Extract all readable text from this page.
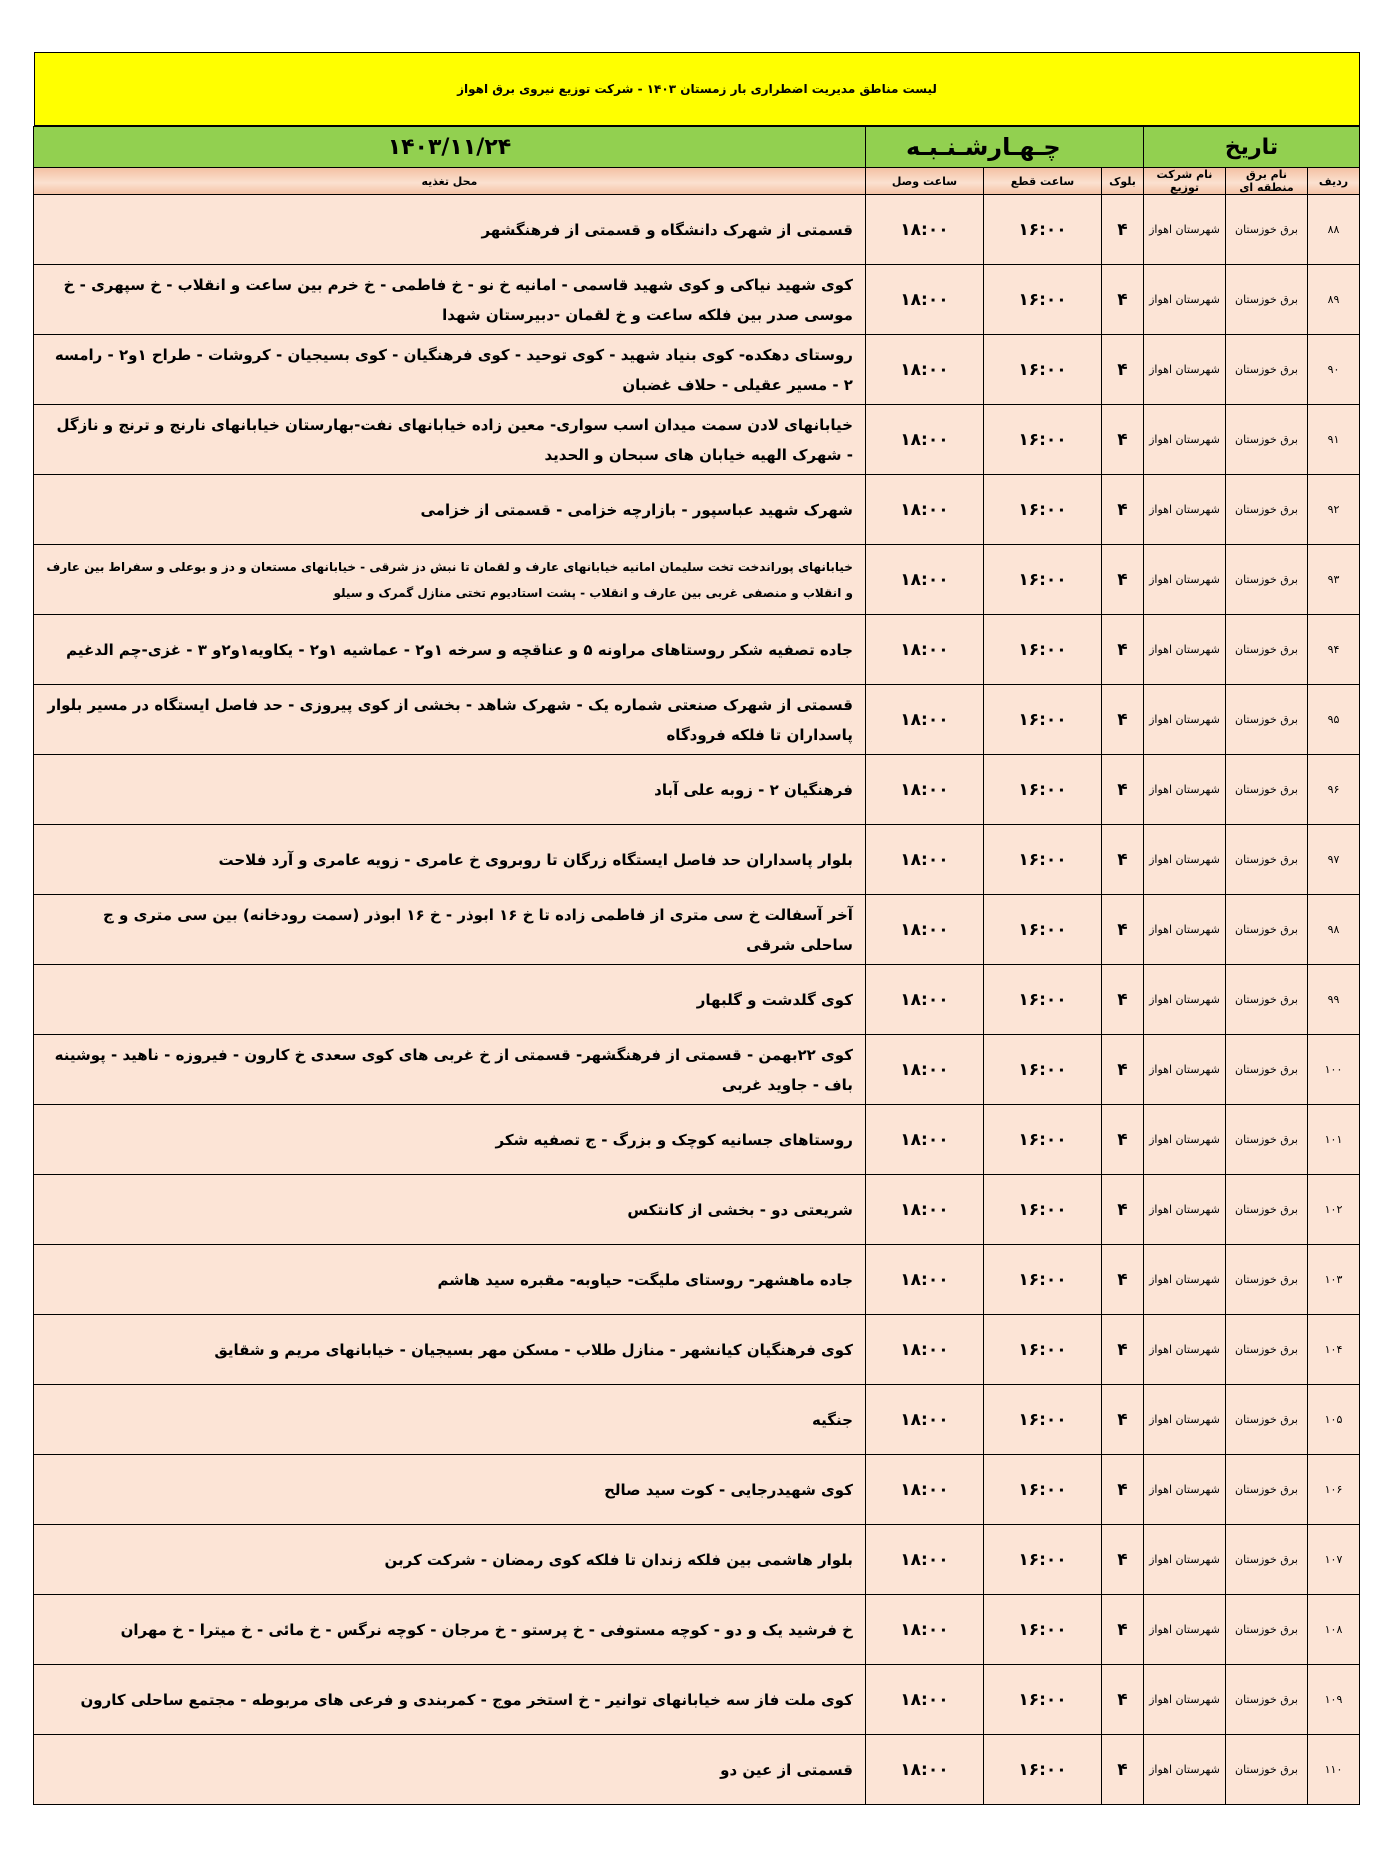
لیست مناطق مدیریت اضطراری بار زمستان ۱۴۰۳ - شرکت توزیع نیروی برق اهواز
تاریخ			چـهـارشـنـبـه			۱۴۰۳/۱۱/۲۴
ردیف	نام برق منطقه ای	نام شرکت توزیع	بلوک	ساعت قطع	ساعت وصل	محل تغذیه
۸۸	برق خوزستان	شهرستان اهواز	۴	۱۶:۰۰	۱۸:۰۰	قسمتی از شهرک دانشگاه و قسمتی از فرهنگشهر
۸۹	برق خوزستان	شهرستان اهواز	۴	۱۶:۰۰	۱۸:۰۰	کوی شهید نیاکی و کوی شهید قاسمی - امانیه خ نو - خ فاطمی - خ خرم بین ساعت و انقلاب - خ سپهری - خ موسی صدر بین فلکه ساعت و خ لقمان -دبیرستان شهدا
۹۰	برق خوزستان	شهرستان اهواز	۴	۱۶:۰۰	۱۸:۰۰	روستای دهکده- کوی بنیاد شهید - کوی توحید - کوی فرهنگیان - کوی بسیجیان - کروشات - طراح ۱و۲ - رامسه ۲ - مسیر عقیلی - حلاف غضبان
۹۱	برق خوزستان	شهرستان اهواز	۴	۱۶:۰۰	۱۸:۰۰	خیابانهای لادن سمت میدان اسب سواری- معین زاده خیابانهای نفت-بهارستان خیابانهای نارنج و ترنج و نازگل - شهرک الهیه خیابان های سبحان و الحدید
۹۲	برق خوزستان	شهرستان اهواز	۴	۱۶:۰۰	۱۸:۰۰	شهرک شهید عباسپور - بازارچه خزامی - قسمتی از خزامی
۹۳	برق خوزستان	شهرستان اهواز	۴	۱۶:۰۰	۱۸:۰۰	خیابانهای پوراندخت تخت سلیمان امانیه خیابانهای عارف و لقمان تا نبش دز شرقی - خیابانهای مستعان و دز و بوعلی و سفراط بین عارف و انقلاب و منصفی غربی بین عارف و انقلاب - پشت استادیوم تختی منازل گمرک و سیلو
۹۴	برق خوزستان	شهرستان اهواز	۴	۱۶:۰۰	۱۸:۰۰	جاده تصفیه شکر روستاهای مراونه ۵ و عناقچه و سرخه ۱و۲ - عماشیه ۱و۲ - یکاویه۱و۲و ۳ - غزی-چم الدغیم
۹۵	برق خوزستان	شهرستان اهواز	۴	۱۶:۰۰	۱۸:۰۰	قسمتی از شهرک صنعتی شماره یک - شهرک شاهد - بخشی از کوی پیروزی - حد فاصل ایستگاه در مسیر بلوار پاسداران تا فلکه فرودگاه
۹۶	برق خوزستان	شهرستان اهواز	۴	۱۶:۰۰	۱۸:۰۰	فرهنگیان ۲ - زوبه علی آباد
۹۷	برق خوزستان	شهرستان اهواز	۴	۱۶:۰۰	۱۸:۰۰	بلوار پاسداران حد فاصل ایستگاه زرگان تا روبروی خ عامری - زویه عامری و آرد فلاحت
۹۸	برق خوزستان	شهرستان اهواز	۴	۱۶:۰۰	۱۸:۰۰	آخر آسفالت خ سی متری از فاطمی زاده تا خ ۱۶ ابوذر - خ ۱۶ ابوذر (سمت رودخانه) بین سی متری و ج ساحلی شرقی
۹۹	برق خوزستان	شهرستان اهواز	۴	۱۶:۰۰	۱۸:۰۰	کوی گلدشت و گلبهار
۱۰۰	برق خوزستان	شهرستان اهواز	۴	۱۶:۰۰	۱۸:۰۰	کوی ۲۲بهمن - قسمتی از فرهنگشهر- قسمتی از خ غربی های کوی سعدی خ کارون - فیروزه - ناهید - پوشینه باف - جاوید غربی
۱۰۱	برق خوزستان	شهرستان اهواز	۴	۱۶:۰۰	۱۸:۰۰	روستاهای جسانیه کوچک و بزرگ - ج تصفیه شکر
۱۰۲	برق خوزستان	شهرستان اهواز	۴	۱۶:۰۰	۱۸:۰۰	شریعتی دو - بخشی از کانتکس
۱۰۳	برق خوزستان	شهرستان اهواز	۴	۱۶:۰۰	۱۸:۰۰	جاده ماهشهر- روستای ملیگت- حیاوبه- مقبره سید هاشم
۱۰۴	برق خوزستان	شهرستان اهواز	۴	۱۶:۰۰	۱۸:۰۰	کوی فرهنگیان کیانشهر - منازل طلاب - مسکن مهر بسیجیان - خیابانهای مریم و شقایق
۱۰۵	برق خوزستان	شهرستان اهواز	۴	۱۶:۰۰	۱۸:۰۰	جنگیه
۱۰۶	برق خوزستان	شهرستان اهواز	۴	۱۶:۰۰	۱۸:۰۰	کوی شهیدرجایی - کوت سید صالح
۱۰۷	برق خوزستان	شهرستان اهواز	۴	۱۶:۰۰	۱۸:۰۰	بلوار هاشمی بین فلکه زندان تا فلکه کوی رمضان - شرکت کربن
۱۰۸	برق خوزستان	شهرستان اهواز	۴	۱۶:۰۰	۱۸:۰۰	خ فرشید یک و دو - کوچه مستوفی - خ پرستو - خ مرجان - کوچه نرگس - خ مائی - خ میترا - خ مهران
۱۰۹	برق خوزستان	شهرستان اهواز	۴	۱۶:۰۰	۱۸:۰۰	کوی ملت فاز سه خیابانهای توانیر - خ استخر موج - کمربندی و فرعی های مربوطه - مجتمع ساحلی کارون
۱۱۰	برق خوزستان	شهرستان اهواز	۴	۱۶:۰۰	۱۸:۰۰	قسمتی از عین دو
